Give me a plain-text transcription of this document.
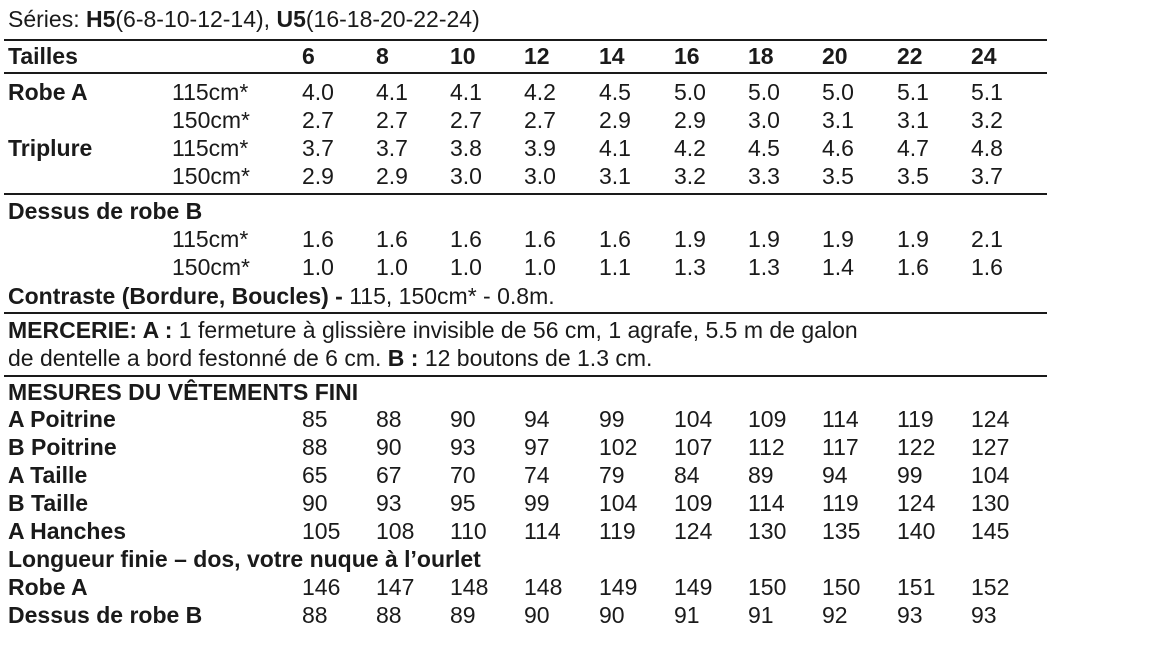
Séries: H5(6-8-10-12-14), U5(16-18-20-22-24)
Tailles	6	8	10 12 14 16 18 20 22 24
Robe A	115cm* 4.0 4.1 4.1 4.2 4.5 5.0 5.0 5.0 5.1 5.1
150cm* 2.7 2.7 2.7 2.7 2.9 2.9 3.0 3.1 3.1 3.2
Triplure	115cm* 3.7 3.7 3.8 3.9 4.1 4.2 4.5 4.6 4.7 4.8
150cm* 2.9 2.9 3.0 3.0 3.1 3.2 3.3 3.5 3.5 3.7
Dessus de robe B
115cm* 1.6 1.6 1.6 1.6 1.6 1.9 1.9 1.9 1.9 2.1
150cm* 1.0 1.0 1.0 1.0 1.1 1.3 1.3 1.4 1.6 1.6
Contraste (Bordure, Boucles) - 115, 150cm* - 0.8m.
MERCERIE: A : 1 fermeture à glissière invisible de 56 cm, 1 agrafe, 5.5 m de galon
de dentelle a bord festonné de 6 cm. B : 12 boutons de 1.3 cm.
MESURES DU VÊTEMENTS FINI
A Poitrine	85 88 90 94 99 104 109 114 119 124
B Poitrine	88 90 93 97 102 107 112 117 122 127
A Taille	65 67 70 74 79 84 89 94 99 104
B Taille	90 93 95 99 104 109 114 119 124 130
A Hanches	105 108 110 114 119 124 130 135 140 145
Longueur finie – dos, votre nuque à l’ourlet
Robe A	146 147 148 148 149 149 150 150 151 152
Dessus de robe B	88 88 89 90 90 91 91 92 93 93
